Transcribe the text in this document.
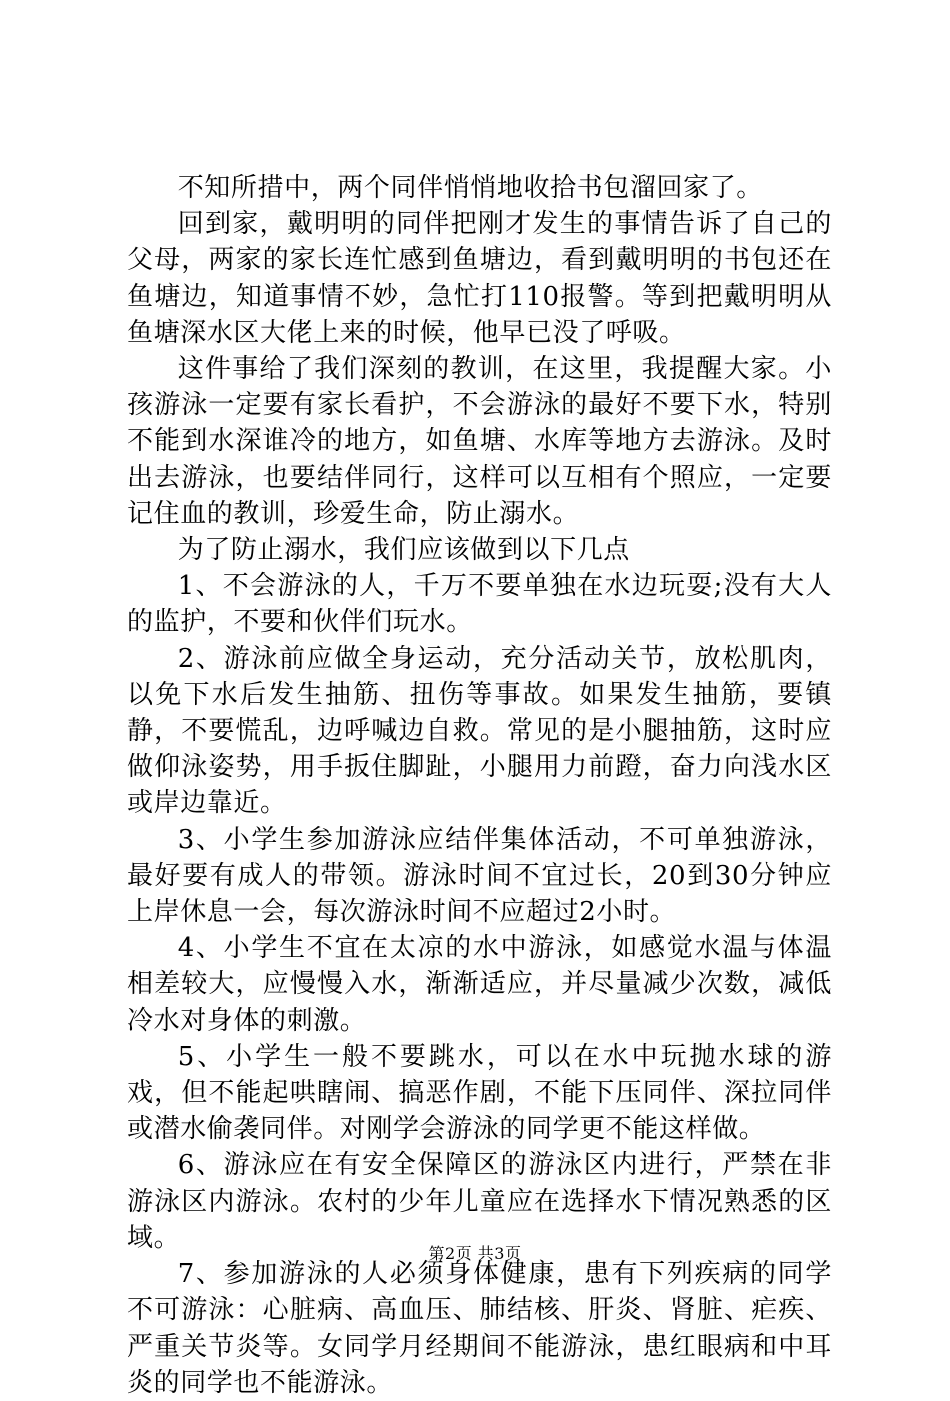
不知所措中，两个同伴悄悄地收拾书包溜回家了。

回到家，戴明明的同伴把刚才发生的事情告诉了自己的父母，两家的家长连忙感到鱼塘边，看到戴明明的书包还在鱼塘边，知道事情不妙，急忙打110报警。等到把戴明明从鱼塘深水区大佬上来的时候，他早已没了呼吸。

这件事给了我们深刻的教训，在这里，我提醒大家。小孩游泳一定要有家长看护，不会游泳的最好不要下水，特别不能到水深谁冷的地方，如鱼塘、水库等地方去游泳。及时出去游泳，也要结伴同行，这样可以互相有个照应，一定要记住血的教训，珍爱生命，防止溺水。

为了防止溺水，我们应该做到以下几点

1、不会游泳的人，千万不要单独在水边玩耍;没有大人的监护，不要和伙伴们玩水。

2、游泳前应做全身运动，充分活动关节，放松肌肉，以免下水后发生抽筋、扭伤等事故。如果发生抽筋，要镇静，不要慌乱，边呼喊边自救。常见的是小腿抽筋，这时应做仰泳姿势，用手扳住脚趾，小腿用力前蹬，奋力向浅水区或岸边靠近。

3、小学生参加游泳应结伴集体活动，不可单独游泳，最好要有成人的带领。游泳时间不宜过长，20到30分钟应上岸休息一会，每次游泳时间不应超过2小时。

4、小学生不宜在太凉的水中游泳，如感觉水温与体温相差较大，应慢慢入水，渐渐适应，并尽量减少次数，减低冷水对身体的刺激。

5、小学生一般不要跳水，可以在水中玩抛水球的游戏，但不能起哄瞎闹、搞恶作剧，不能下压同伴、深拉同伴或潜水偷袭同伴。对刚学会游泳的同学更不能这样做。

6、游泳应在有安全保障区的游泳区内进行，严禁在非游泳区内游泳。农村的少年儿童应在选择水下情况熟悉的区域。

7、参加游泳的人必须身体健康，患有下列疾病的同学不可游泳：心脏病、高血压、肺结核、肝炎、肾脏、疟疾、严重关节炎等。女同学月经期间不能游泳，患红眼病和中耳炎的同学也不能游泳。

第2页 共3页
